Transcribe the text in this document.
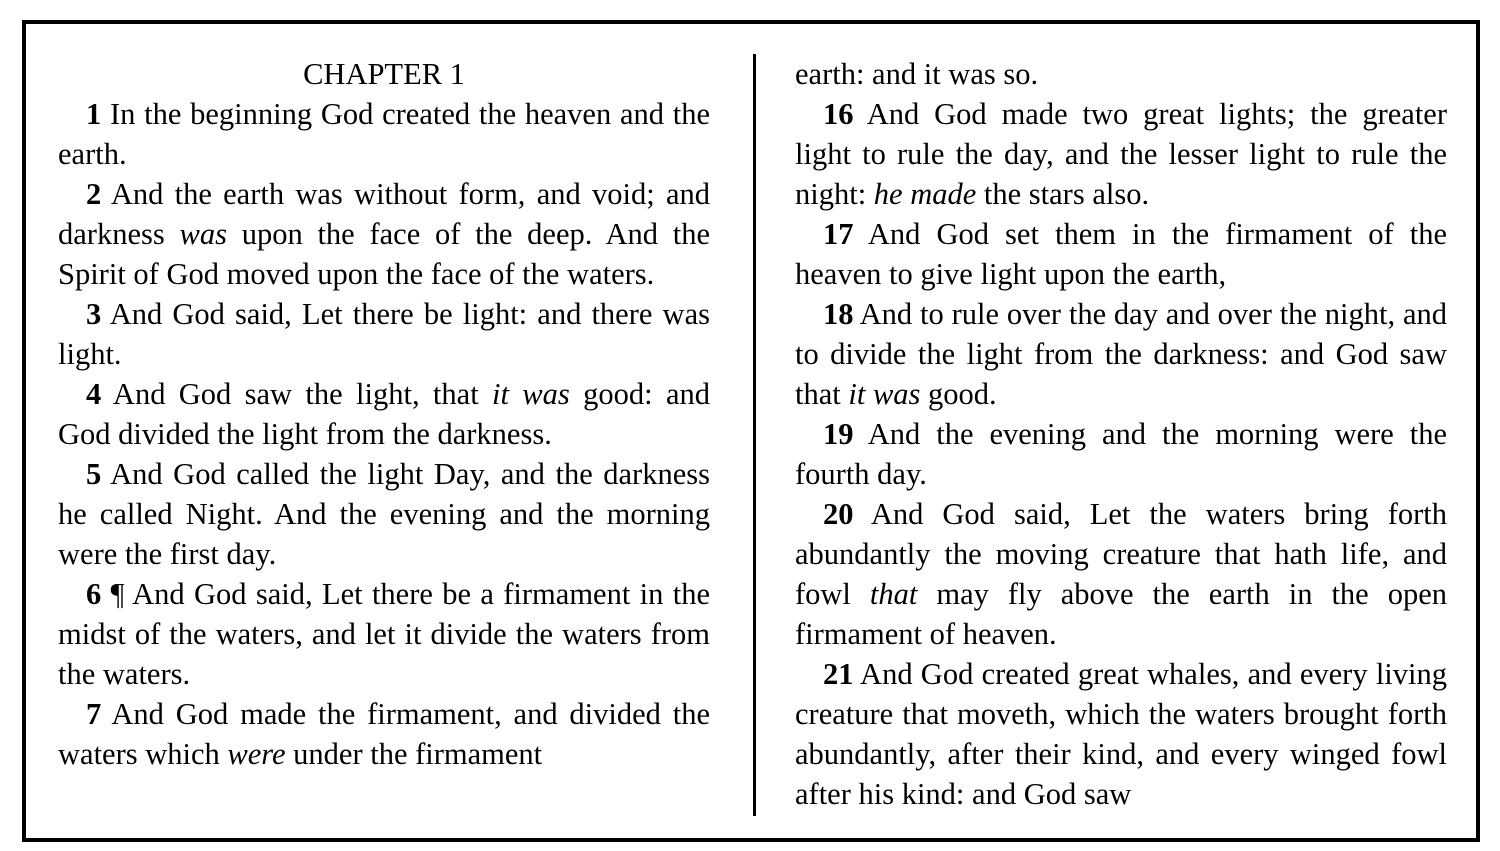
CHAPTER 1

1 In the beginning God created the heaven and the earth.

2 And the earth was without form, and void; and darkness was upon the face of the deep. And the Spirit of God moved upon the face of the waters.

3 And God said, Let there be light: and there was light.

4 And God saw the light, that it was good: and God divided the light from the darkness.

5 And God called the light Day, and the darkness he called Night. And the evening and the morning were the first day.

6 ¶ And God said, Let there be a firmament in the midst of the waters, and let it divide the waters from the waters.

7 And God made the firmament, and divided the waters which were under the firmament

earth: and it was so.

16 And God made two great lights; the greater light to rule the day, and the lesser light to rule the night: he made the stars also.

17 And God set them in the firmament of the heaven to give light upon the earth,

18 And to rule over the day and over the night, and to divide the light from the darkness: and God saw that it was good.

19 And the evening and the morning were the fourth day.

20 And God said, Let the waters bring forth abundantly the moving creature that hath life, and fowl that may fly above the earth in the open firmament of heaven.

21 And God created great whales, and every living creature that moveth, which the waters brought forth abundantly, after their kind, and every winged fowl after his kind: and God saw
